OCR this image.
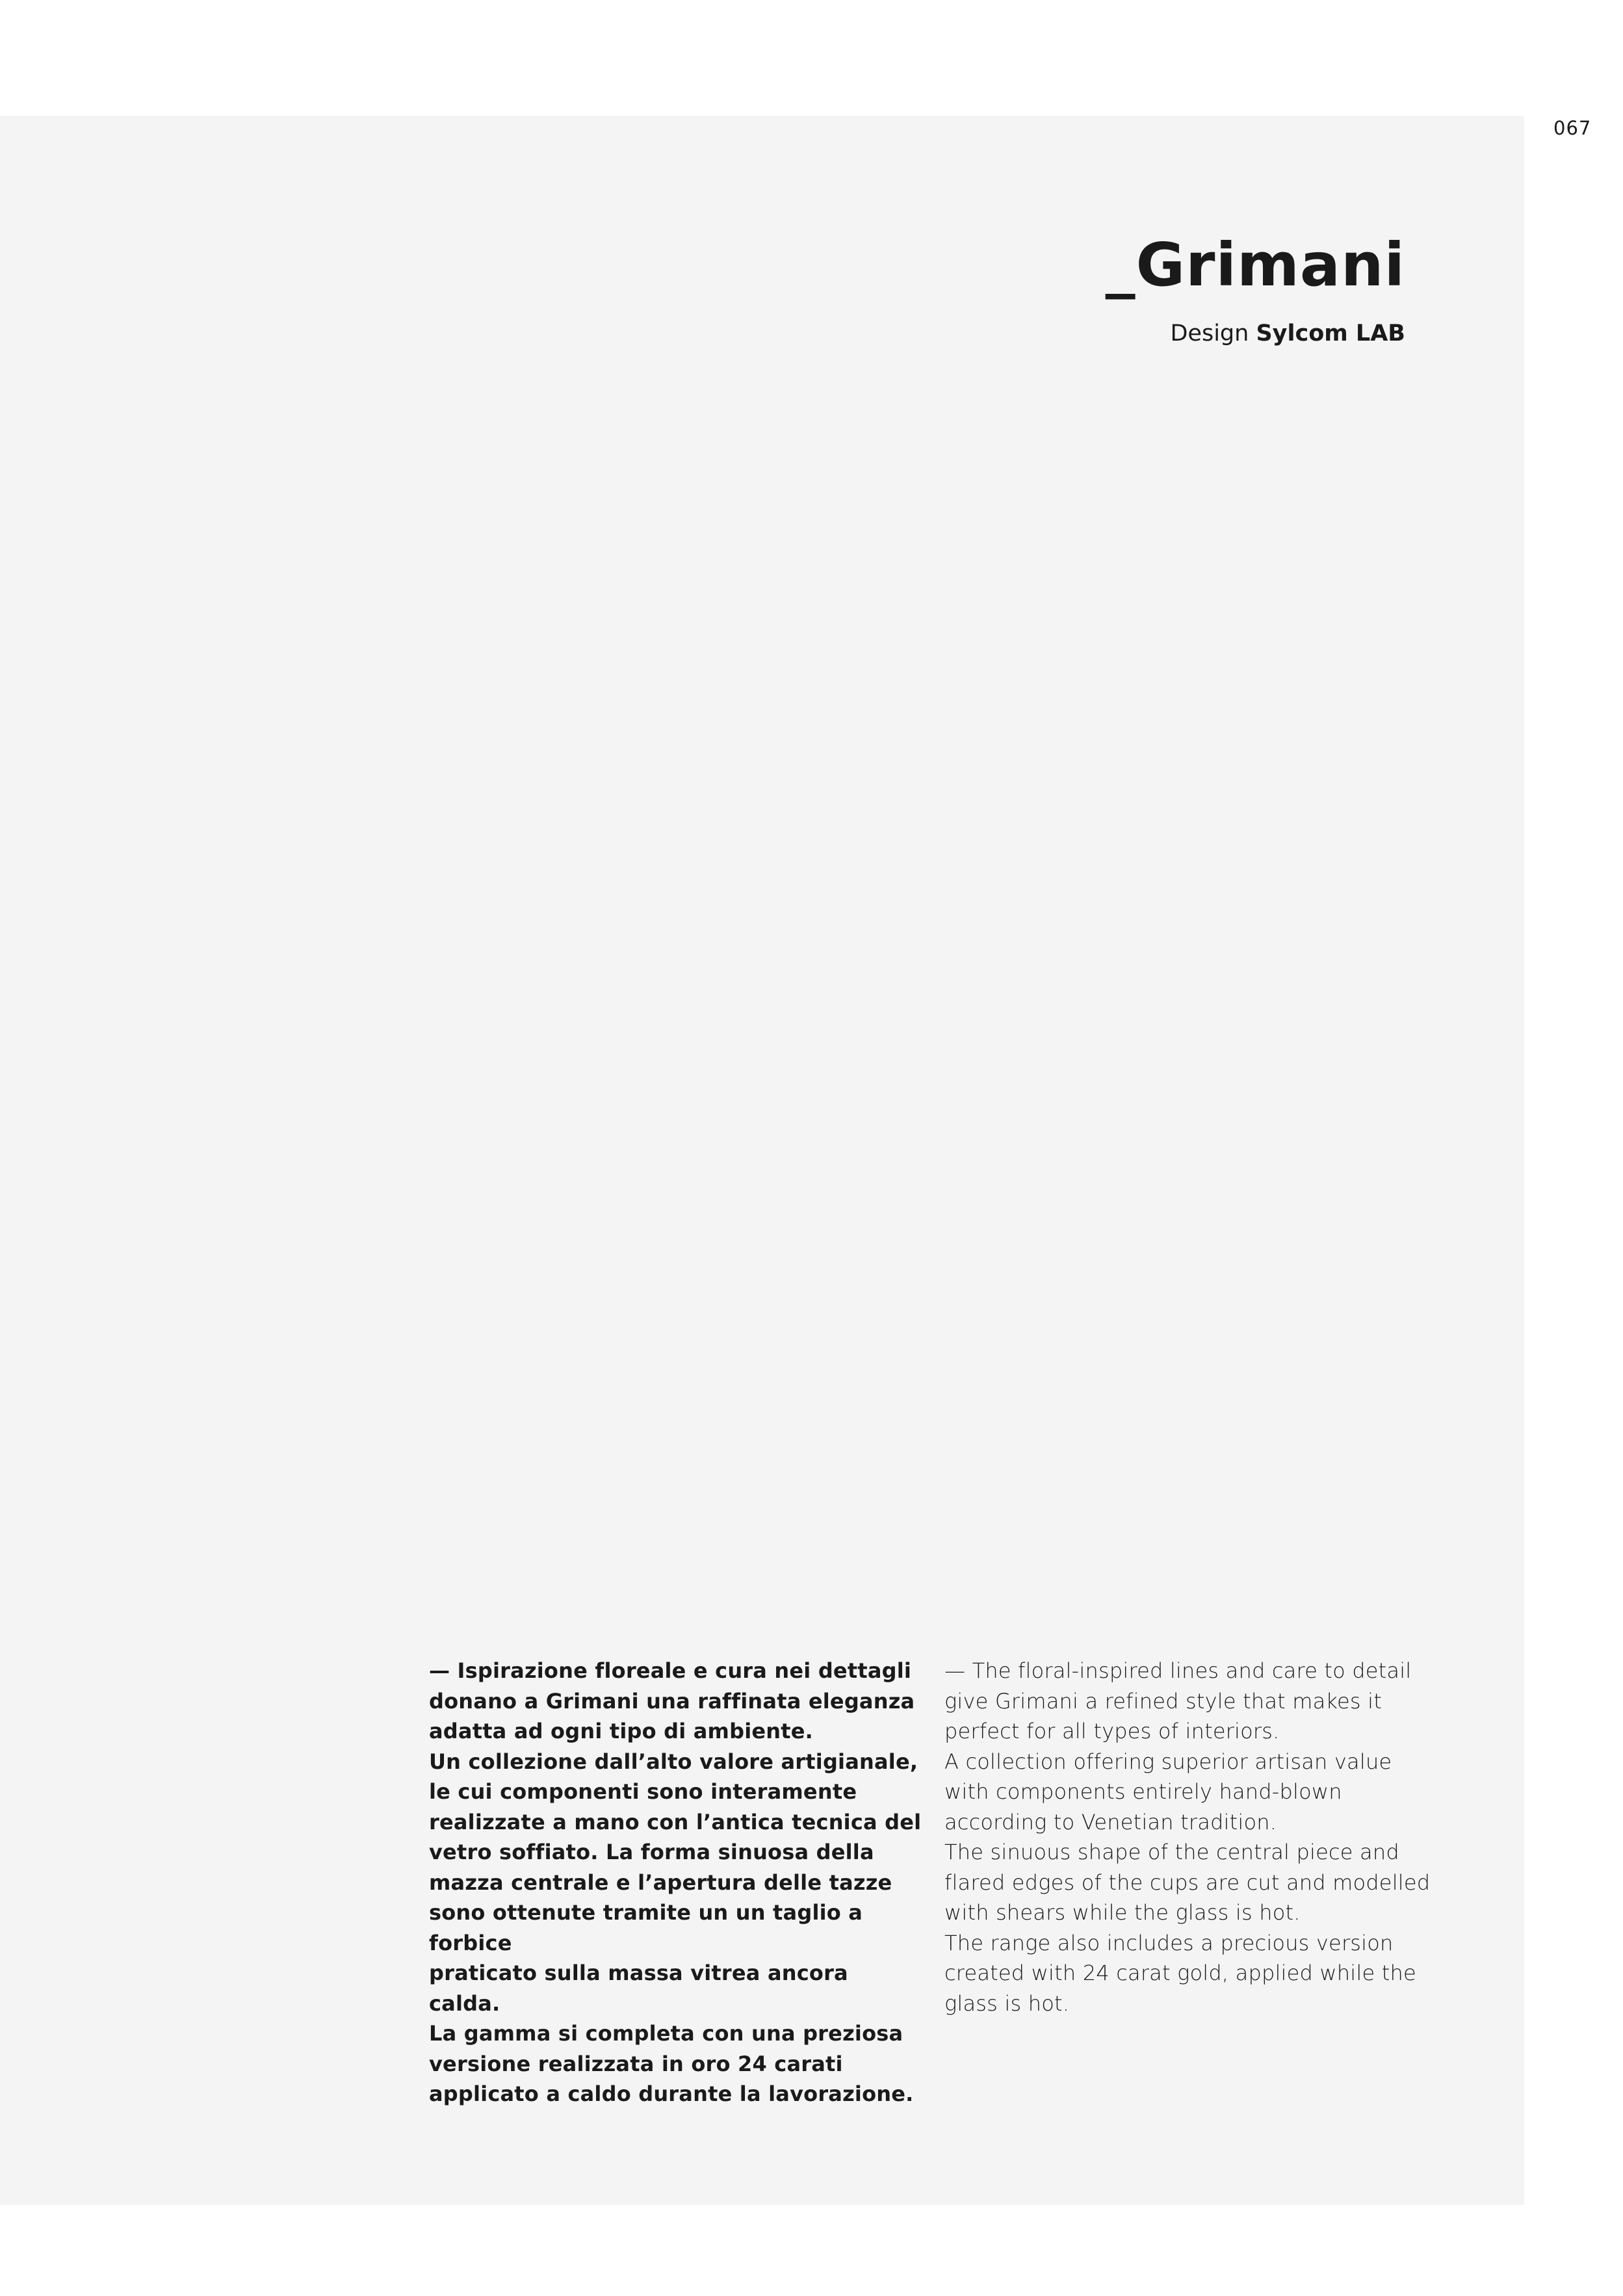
067
_Grimani
Design Sylcom LAB
— Ispirazione floreale e cura nei dettagli
donano a Grimani una raffinata eleganza
adatta ad ogni tipo di ambiente.
Un collezione dall’alto valore artigianale,
le cui componenti sono interamente
realizzate a mano con l’antica tecnica del
vetro soffiato. La forma sinuosa della
mazza centrale e l’apertura delle tazze
sono ottenute tramite un un taglio a forbice
praticato sulla massa vitrea ancora calda.
La gamma si completa con una preziosa
versione realizzata in oro 24 carati
applicato a caldo durante la lavorazione.
— The floral-inspired lines and care to detail
give Grimani a refined style that makes it
perfect for all types of interiors.
A collection offering superior artisan value
with components entirely hand-blown
according to Venetian tradition.
The sinuous shape of the central piece and
flared edges of the cups are cut and modelled
with shears while the glass is hot.
The range also includes a precious version
created with 24 carat gold, applied while the
glass is hot.
